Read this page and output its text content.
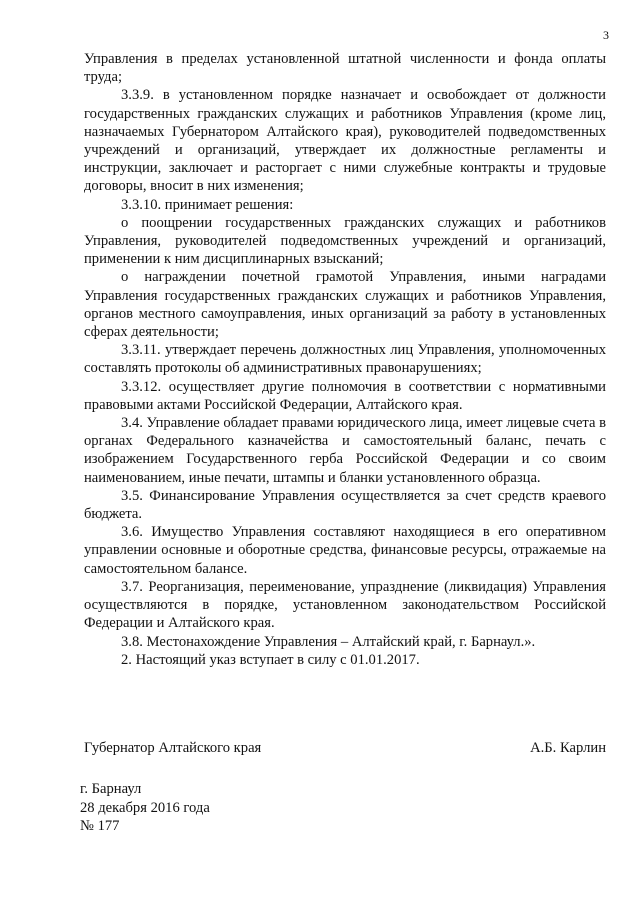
3

Управления в пределах установленной штатной численности и фонда оплаты труда;

3.3.9. в установленном порядке назначает и освобождает от должности государственных гражданских служащих и работников Управления (кроме лиц, назначаемых Губернатором Алтайского края), руководителей подведомственных учреждений и организаций, утверждает их должностные регламенты и инструкции, заключает и расторгает с ними служебные контракты и трудовые договоры, вносит в них изменения;

3.3.10. принимает решения:

о поощрении государственных гражданских служащих и работников Управления, руководителей подведомственных учреждений и организаций, применении к ним дисциплинарных взысканий;

о награждении почетной грамотой Управления, иными наградами Управления государственных гражданских служащих и работников Управления, органов местного самоуправления, иных организаций за работу в установленных сферах деятельности;

3.3.11. утверждает перечень должностных лиц Управления, уполномоченных составлять протоколы об административных правонарушениях;

3.3.12. осуществляет другие полномочия в соответствии с нормативными правовыми актами Российской Федерации, Алтайского края.

3.4. Управление обладает правами юридического лица, имеет лицевые счета в органах Федерального казначейства и самостоятельный баланс, печать с изображением Государственного герба Российской Федерации и со своим наименованием, иные печати, штампы и бланки установленного образца.

3.5. Финансирование Управления осуществляется за счет средств краевого бюджета.

3.6. Имущество Управления составляют находящиеся в его оперативном управлении основные и оборотные средства, финансовые ресурсы, отражаемые на самостоятельном балансе.

3.7. Реорганизация, переименование, упразднение (ликвидация) Управления осуществляются в порядке, установленном законодательством Российской Федерации и Алтайского края.

3.8. Местонахождение Управления – Алтайский край, г. Барнаул.».

2. Настоящий указ вступает в силу с 01.01.2017.

Губернатор Алтайского края	А.Б. Карлин
г. Барнаул
28 декабря 2016 года
№ 177
